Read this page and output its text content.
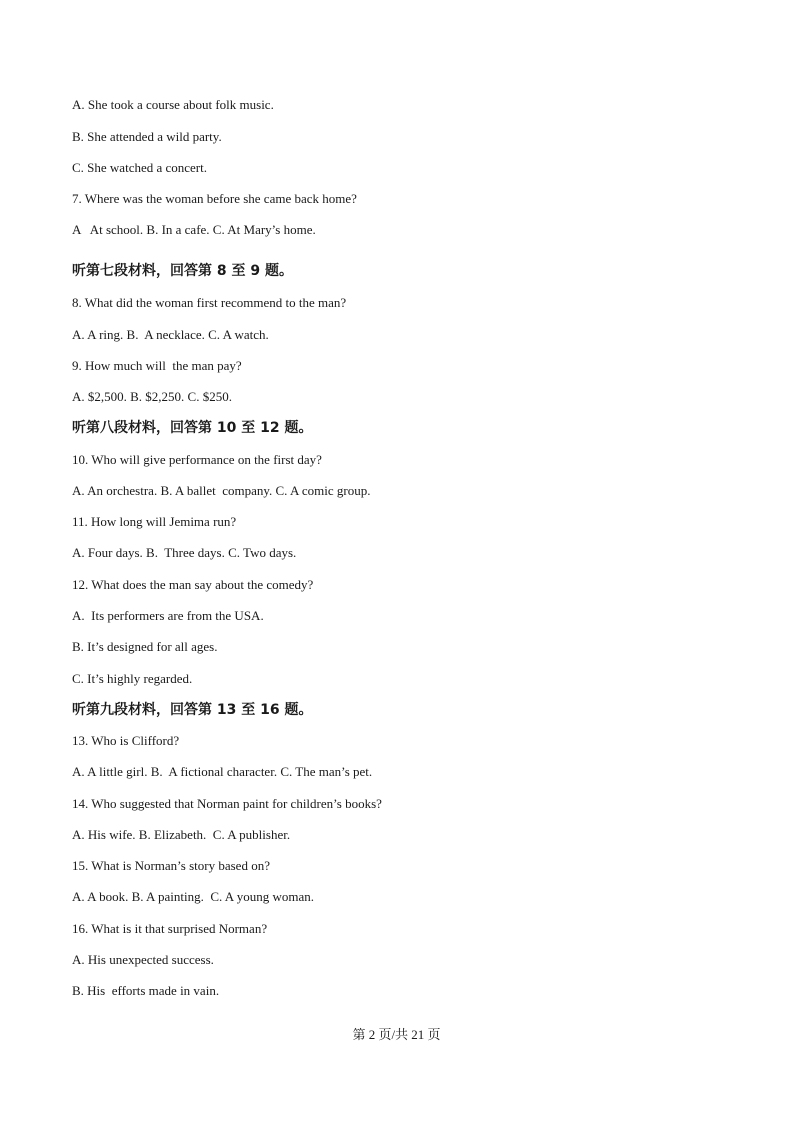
A. She took a course about folk music.
B. She attended a wild party.
C. She watched a concert.
7. Where was the woman before she came back home?
A   At school. B. In a cafe. C. At Mary’s home.
听第七段材料，回答第 8 至 9 题。
8. What did the woman first recommend to the man?
A. A ring. B.  A necklace. C. A watch.
9. How much will  the man pay?
A. $2,500. B. $2,250. C. $250.
听第八段材料，回答第 10 至 12 题。
10. Who will give performance on the first day?
A. An orchestra. B. A ballet  company. C. A comic group.
11. How long will Jemima run?
A. Four days. B.  Three days. C. Two days.
12. What does the man say about the comedy?
A.  Its performers are from the USA.
B. It’s designed for all ages.
C. It’s highly regarded.
听第九段材料，回答第 13 至 16 题。
13. Who is Clifford?
A. A little girl. B.  A fictional character. C. The man’s pet.
14. Who suggested that Norman paint for children’s books?
A. His wife. B. Elizabeth.  C. A publisher.
15. What is Norman’s story based on?
A. A book. B. A painting.  C. A young woman.
16. What is it that surprised Norman?
A. His unexpected success.
B. His  efforts made in vain.
第 2 页/共 21 页
